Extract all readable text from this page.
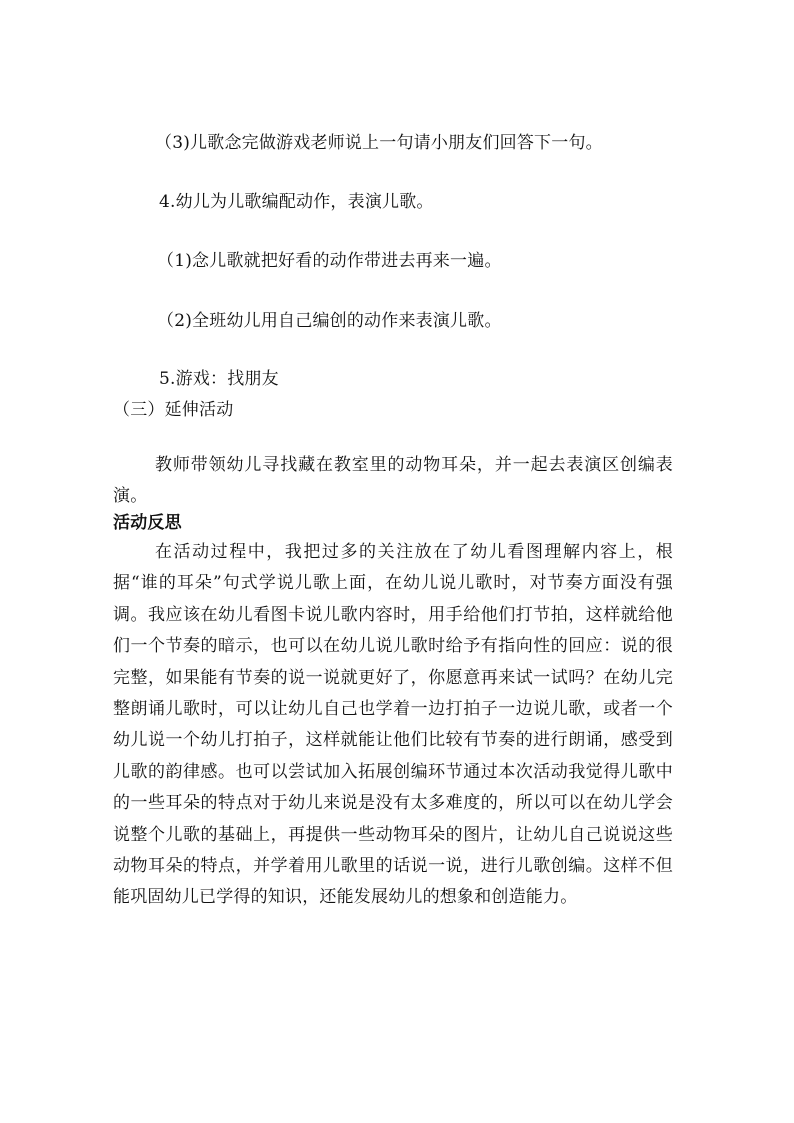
（3)儿歌念完做游戏老师说上一句请小朋友们回答下一句。
4.幼儿为儿歌编配动作，表演儿歌。
（1)念儿歌就把好看的动作带进去再来一遍。
（2)全班幼儿用自己编创的动作来表演儿歌。
5.游戏：找朋友
（三）延伸活动
教师带领幼儿寻找藏在教室里的动物耳朵，并一起去表演区创编表演。
活动反思
在活动过程中，我把过多的关注放在了幼儿看图理解内容上，根据“谁的耳朵”句式学说儿歌上面，在幼儿说儿歌时，对节奏方面没有强调。我应该在幼儿看图卡说儿歌内容时，用手给他们打节拍，这样就给他们一个节奏的暗示，也可以在幼儿说儿歌时给予有指向性的回应：说的很完整，如果能有节奏的说一说就更好了，你愿意再来试一试吗？在幼儿完整朗诵儿歌时，可以让幼儿自己也学着一边打拍子一边说儿歌，或者一个幼儿说一个幼儿打拍子，这样就能让他们比较有节奏的进行朗诵，感受到儿歌的韵律感。也可以尝试加入拓展创编环节通过本次活动我觉得儿歌中的一些耳朵的特点对于幼儿来说是没有太多难度的，所以可以在幼儿学会说整个儿歌的基础上，再提供一些动物耳朵的图片，让幼儿自己说说这些动物耳朵的特点，并学着用儿歌里的话说一说，进行儿歌创编。这样不但能巩固幼儿已学得的知识，还能发展幼儿的想象和创造能力。
